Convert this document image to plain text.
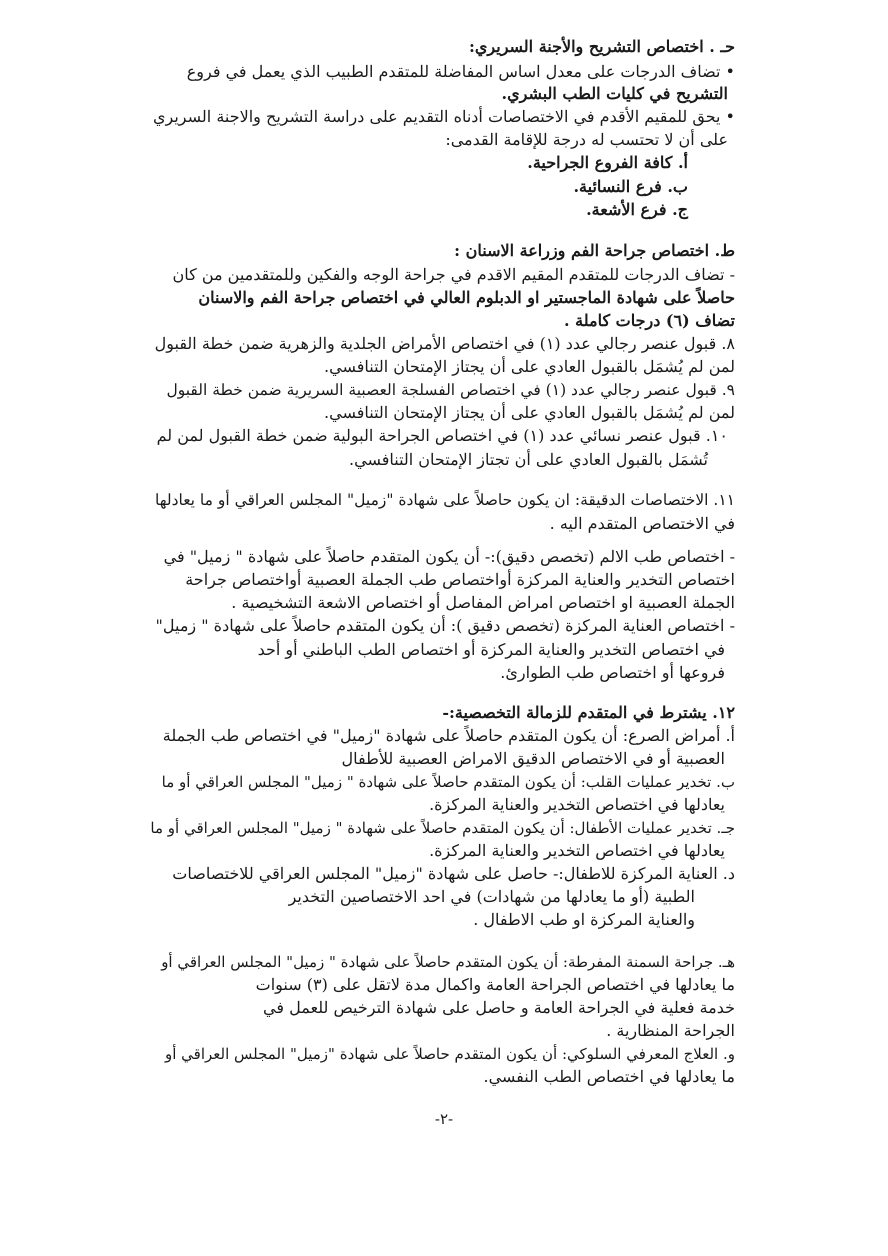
حـ . اختصاص التشريح والأجنة السريري:
• تضاف الدرجات على معدل اساس المفاضلة للمتقدم الطبيب الذي يعمل في فروع
التشريح في كليات الطب البشري.
• يحق للمقيم الأقدم في الاختصاصات أدناه التقديم على دراسة التشريح والاجنة السريري
على أن لا تحتسب له درجة للإقامة القدمى:
أ. كافة الفروع الجراحية.
ب. فرع النسائية.
ج. فرع الأشعة.
ط. اختصاص جراحة الفم وزراعة الاسنان :
- تضاف الدرجات للمتقدم المقيم الاقدم في جراحة الوجه والفكين وللمتقدمين من كان
حاصلاً على شهادة الماجستير او الدبلوم العالي في اختصاص جراحة الفم والاسنان
تضاف (٦) درجات كاملة .
٨. قبول عنصر رجالي عدد (١) في اختصاص الأمراض الجلدية والزهرية ضمن خطة القبول
لمن لم يُشمَل بالقبول العادي على أن يجتاز الإمتحان التنافسي.
٩. قبول عنصر رجالي عدد (١) في اختصاص الفسلجة العصبية السريرية ضمن خطة القبول
لمن لم يُشمَل بالقبول العادي على أن يجتاز الإمتحان التنافسي.
١٠. قبول عنصر نسائي عدد (١) في اختصاص الجراحة البولية ضمن خطة القبول لمن لم
تُشمَل بالقبول العادي على أن تجتاز الإمتحان التنافسي.
١١. الاختصاصات الدقيقة: ان يكون حاصلاً على شهادة "زميل" المجلس العراقي أو ما يعادلها
في الاختصاص المتقدم اليه .
- اختصاص طب الالم (تخصص دقيق):- أن يكون المتقدم حاصلاً على شهادة " زميل" في
اختصاص التخدير والعناية المركزة أواختصاص طب الجملة العصبية أواختصاص جراحة
الجملة العصبية او اختصاص امراض المفاصل أو اختصاص الاشعة التشخيصية .
- اختصاص العناية المركزة (تخصص دقيق ): أن يكون المتقدم حاصلاً على شهادة " زميل"
في اختصاص التخدير والعناية المركزة أو اختصاص الطب الباطني أو أحد
فروعها أو اختصاص طب الطوارئ.
١٢. يشترط في المتقدم للزمالة التخصصية:-
أ. أمراض الصرع: أن يكون المتقدم حاصلاً على شهادة "زميل" في اختصاص طب الجملة
العصبية أو في الاختصاص الدقيق الامراض العصبية للأطفال
ب. تخدير عمليات القلب: أن يكون المتقدم حاصلاً على شهادة " زميل" المجلس العراقي أو ما
يعادلها في اختصاص التخدير والعناية المركزة.
جـ. تخدير عمليات الأطفال: أن يكون المتقدم حاصلاً على شهادة " زميل" المجلس العراقي أو ما
يعادلها في اختصاص التخدير والعناية المركزة.
د. العناية المركزة للاطفال:- حاصل على شهادة "زميل" المجلس العراقي للاختصاصات
الطبية (أو ما يعادلها من شهادات) في احد الاختصاصين التخدير
والعناية المركزة او طب الاطفال .
هـ. جراحة السمنة المفرطة: أن يكون المتقدم حاصلاً على شهادة " زميل" المجلس العراقي أو
ما يعادلها في اختصاص الجراحة العامة واكمال مدة لاتقل على (٣) سنوات
خدمة فعلية في الجراحة العامة و حاصل على شهادة الترخيص للعمل في
الجراحة المنظارية .
و. العلاج المعرفي السلوكي: أن يكون المتقدم حاصلاً على شهادة "زميل" المجلس العراقي أو
ما يعادلها في اختصاص الطب النفسي.
-٢-
